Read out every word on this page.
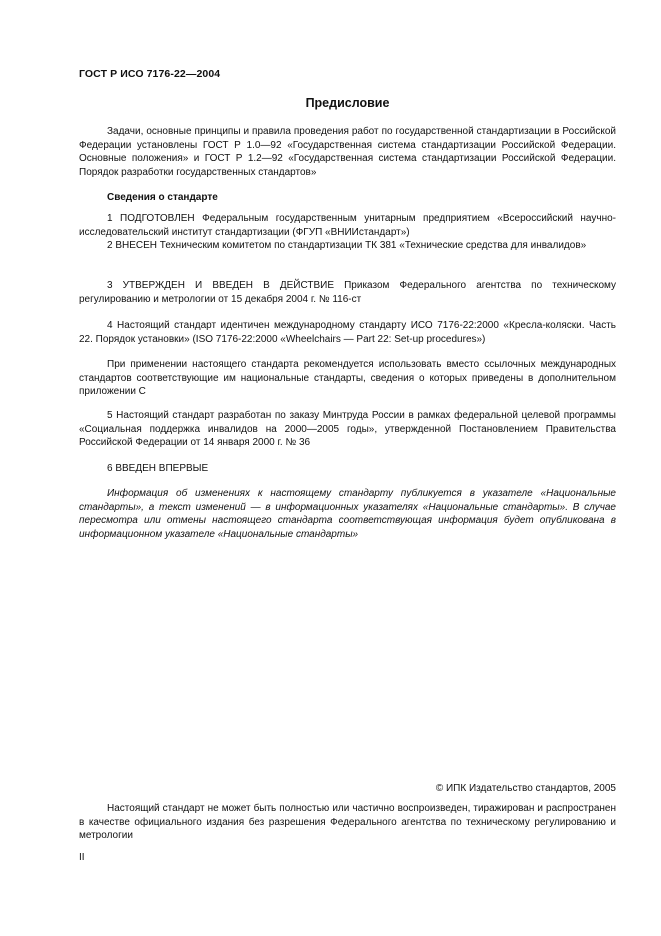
ГОСТ Р ИСО 7176-22—2004
Предисловие

Задачи, основные принципы и правила проведения работ по государственной стандартизации в Российской Федерации установлены ГОСТ Р 1.0—92 «Государственная система стандартизации Российской Федерации. Основные положения» и ГОСТ Р 1.2—92 «Государственная система стандартизации Российской Федерации. Порядок разработки государственных стандартов»

Сведения о стандарте

1 ПОДГОТОВЛЕН Федеральным государственным унитарным предприятием «Всероссийский научно-исследовательский институт стандартизации (ФГУП «ВНИИстандарт»)

2 ВНЕСЕН Техническим комитетом по стандартизации ТК 381 «Технические средства для инвалидов»

3 УТВЕРЖДЕН И ВВЕДЕН В ДЕЙСТВИЕ Приказом Федерального агентства по техническому регулированию и метрологии от 15 декабря 2004 г. № 116-ст

4 Настоящий стандарт идентичен международному стандарту ИСО 7176-22:2000 «Кресла-коляски. Часть 22. Порядок установки» (ISO 7176-22:2000 «Wheelchairs — Part 22: Set-up procedures»)

При применении настоящего стандарта рекомендуется использовать вместо ссылочных международных стандартов соответствующие им национальные стандарты, сведения о которых приведены в дополнительном приложении С

5 Настоящий стандарт разработан по заказу Минтруда России в рамках федеральной целевой программы «Социальная поддержка инвалидов на 2000—2005 годы», утвержденной Постановлением Правительства Российской Федерации от 14 января 2000 г. № 36

6 ВВЕДЕН ВПЕРВЫЕ

Информация об изменениях к настоящему стандарту публикуется в указателе «Национальные стандарты», а текст изменений — в информационных указателях «Национальные стандарты». В случае пересмотра или отмены настоящего стандарта соответствующая информация будет опубликована в информационном указателе «Национальные стандарты»

© ИПК Издательство стандартов, 2005

Настоящий стандарт не может быть полностью или частично воспроизведен, тиражирован и распространен в качестве официального издания без разрешения Федерального агентства по техническому регулированию и метрологии

II
